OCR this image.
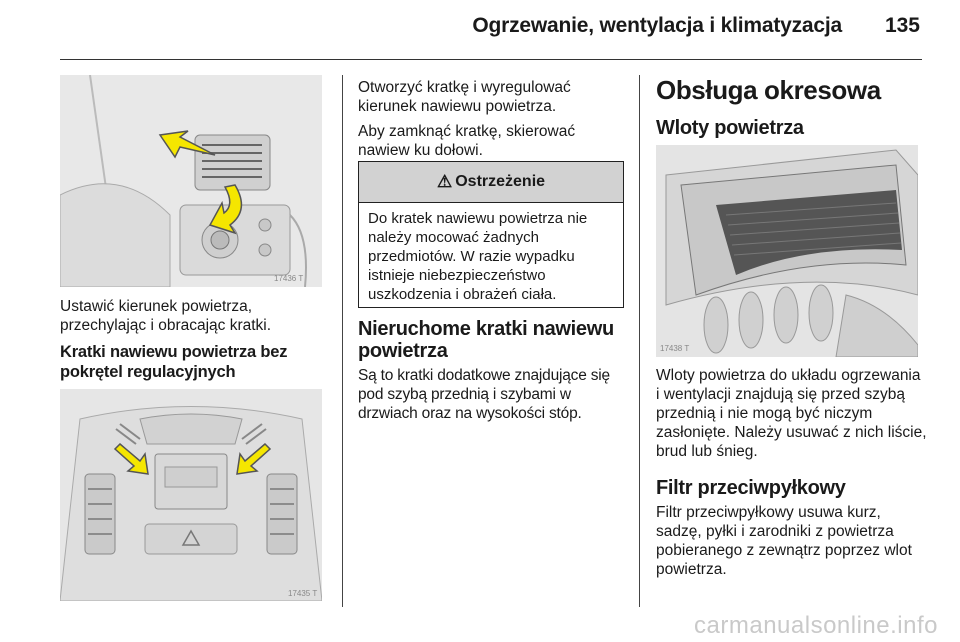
Ogrzewanie, wentylacja i klimatyzacja 135
17436 T

Ustawić kierunek powietrza, przechylając i obracając kratki.

Kratki nawiewu powietrza bez pokrętel regulacyjnych

17435 T

Otworzyć kratkę i wyregulować kierunek nawiewu powietrza.

Aby zamknąć kratkę, skierować nawiew ku dołowi.

⚠ Ostrzeżenie
Do kratek nawiewu powietrza nie należy mocować żadnych przedmiotów. W razie wypadku istnieje niebezpieczeństwo uszkodzenia i obrażeń ciała.

Nieruchome kratki nawiewu powietrza

Są to kratki dodatkowe znajdujące się pod szybą przednią i szybami w drzwiach oraz na wysokości stóp.

Obsługa okresowa

Wloty powietrza

17438 T

Wloty powietrza do układu ogrzewania i wentylacji znajdują się przed szybą przednią i nie mogą być niczym zasłonięte. Należy usuwać z nich liście, brud lub śnieg.

Filtr przeciwpyłkowy

Filtr przeciwpyłkowy usuwa kurz, sadzę, pyłki i zarodniki z powietrza pobieranego z zewnątrz poprzez wlot powietrza.

carmanualsonline.info
